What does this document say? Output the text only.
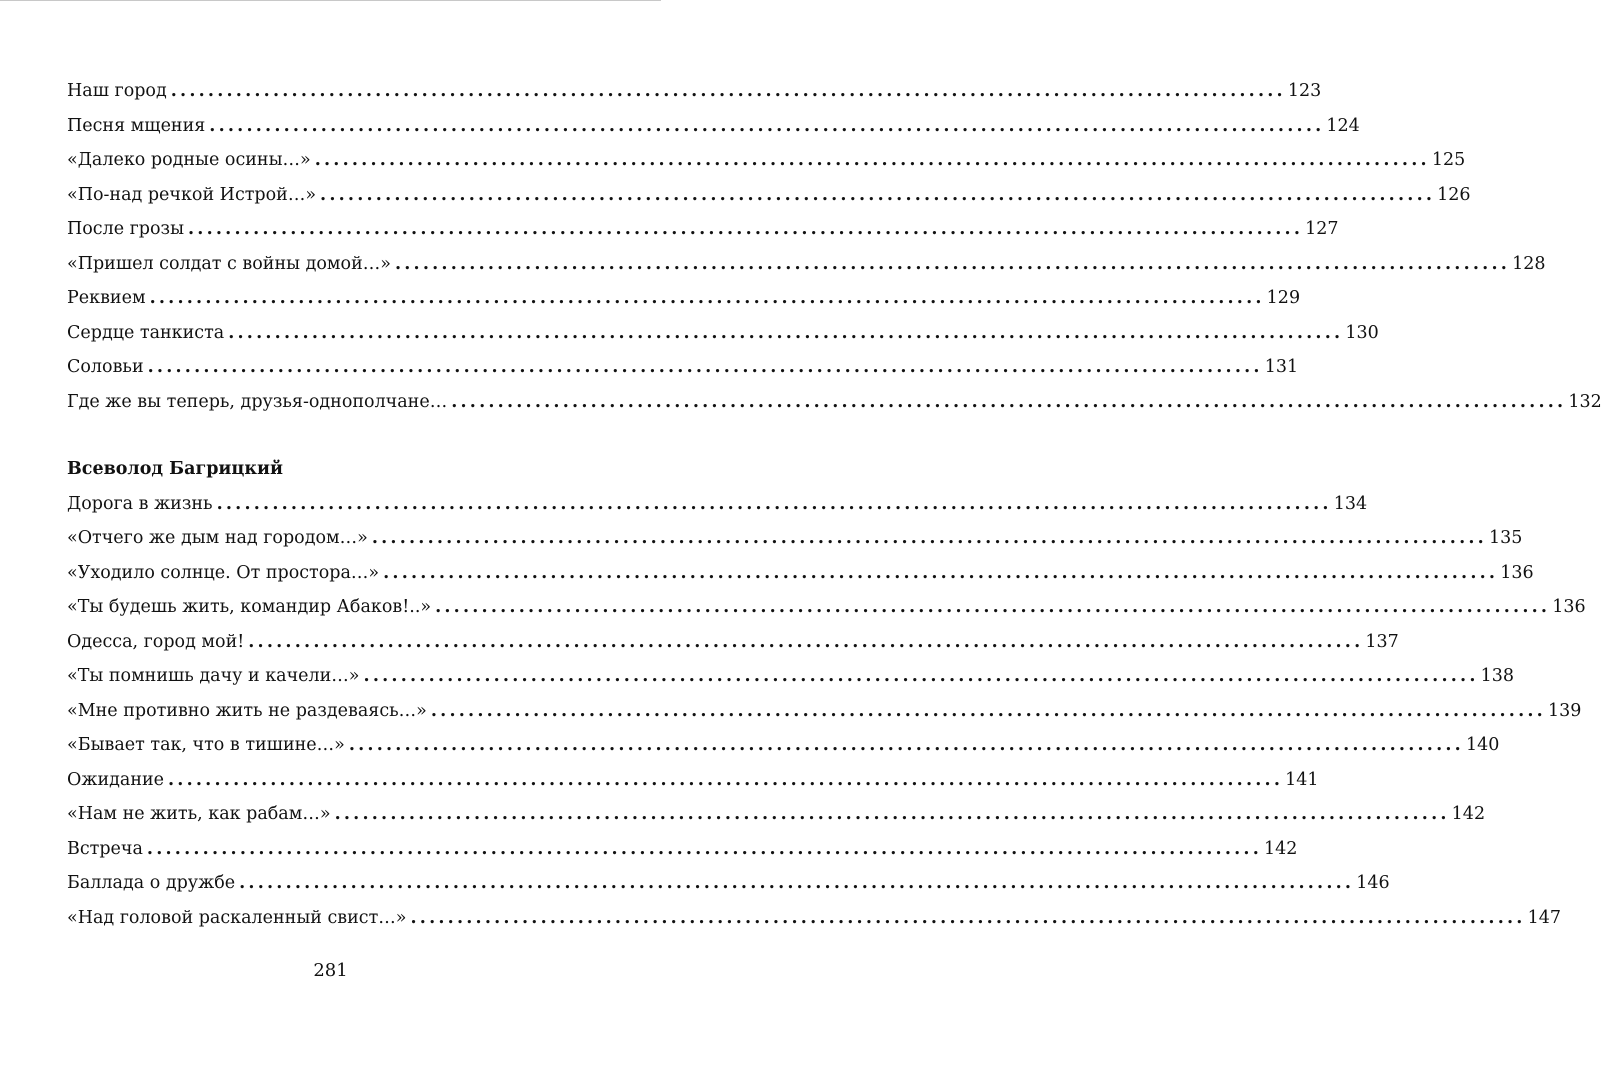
Наш город ........................................................................................................................ 123
Песня мщения ........................................................................................................................ 124
«Далеко родные осины…» ........................................................................................................................ 125
«По-над речкой Истрой…» ........................................................................................................................ 126
После грозы ........................................................................................................................ 127
«Пришел солдат с войны домой…» ........................................................................................................................ 128
Реквием ........................................................................................................................ 129
Сердце танкиста ........................................................................................................................ 130
Соловьи ........................................................................................................................ 131
Где же вы теперь, друзья-однополчане… ........................................................................................................................ 132
Всеволод Багрицкий
Дорога в жизнь ........................................................................................................................ 134
«Отчего же дым над городом…» ........................................................................................................................ 135
«Уходило солнце. От простора…» ........................................................................................................................ 136
«Ты будешь жить, командир Абаков!..» ........................................................................................................................ 136
Одесса, город мой! ........................................................................................................................ 137
«Ты помнишь дачу и качели…» ........................................................................................................................ 138
«Мне противно жить не раздеваясь…» ........................................................................................................................ 139
«Бывает так, что в тишине…» ........................................................................................................................ 140
Ожидание ........................................................................................................................ 141
«Нам не жить, как рабам…» ........................................................................................................................ 142
Встреча ........................................................................................................................ 142
Баллада о дружбе ........................................................................................................................ 146
«Над головой раскаленный свист…» ........................................................................................................................ 147
281
